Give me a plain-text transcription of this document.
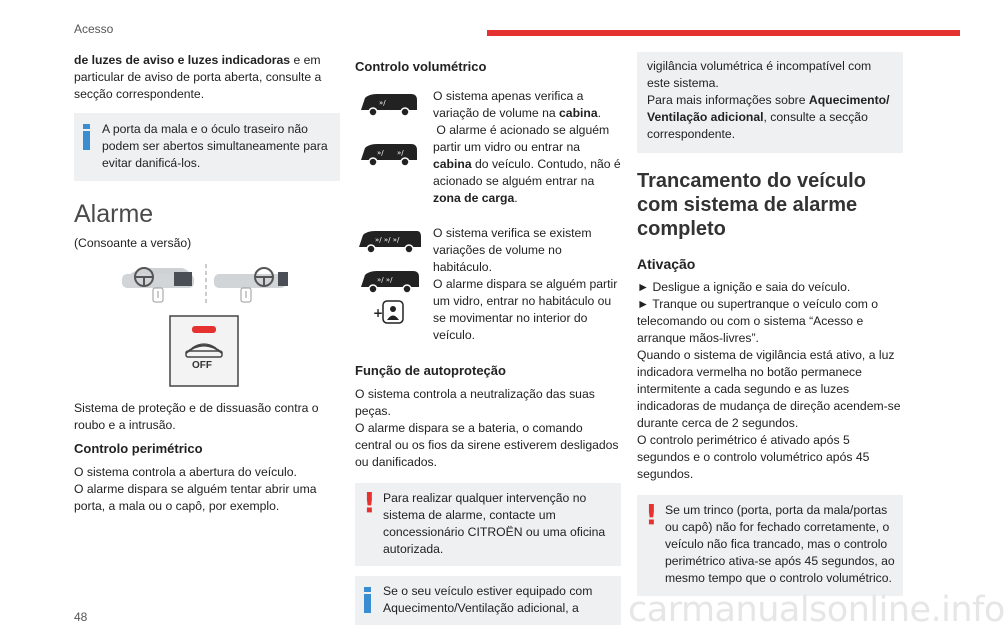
Acesso

de luzes de aviso e luzes indicadoras e em particular de aviso de porta aberta, consulte a secção correspondente.

A porta da mala e o óculo traseiro não podem ser abertos simultaneamente para evitar danificá-los.

Alarme

(Consoante a versão)

OFF

Sistema de proteção e de dissuasão contra o roubo e a intrusão.

Controlo perimétrico

O sistema controla a abertura do veículo.

O alarme dispara se alguém tentar abrir uma porta, a mala ou o capô, por exemplo.

Controlo volumétrico
»/
»/ »/

O sistema apenas verifica a variação de volume na cabina.

O alarme é acionado se alguém partir um vidro ou entrar na cabina do veículo. Contudo, não é acionado se alguém entrar na zona de carga.

»/ »/ »/
»/ »/
+

O sistema verifica se existem variações de volume no habitáculo.

O alarme dispara se alguém partir um vidro, entrar no habitáculo ou se movimentar no interior do veículo.

Função de autoproteção

O sistema controla a neutralização das suas peças.

O alarme dispara se a bateria, o comando central ou os fios da sirene estiverem desligados ou danificados.

! Para realizar qualquer intervenção no sistema de alarme, contacte um concessionário CITROËN ou uma oficina autorizada.

Se o seu veículo estiver equipado com Aquecimento/Ventilação adicional, a

vigilância volumétrica é incompatível com este sistema.

Para mais informações sobre Aquecimento/ Ventilação adicional, consulte a secção correspondente.

Trancamento do veículo com sistema de alarme completo
Ativação

► Desligue a ignição e saia do veículo.

► Tranque ou supertranque o veículo com o telecomando ou com o sistema “Acesso e arranque mãos-livres”.

Quando o sistema de vigilância está ativo, a luz indicadora vermelha no botão permanece intermitente a cada segundo e as luzes indicadoras de mudança de direção acendem-se durante cerca de 2 segundos.

O controlo perimétrico é ativado após 5 segundos e o controlo volumétrico após 45 segundos.

! Se um trinco (porta, porta da mala/portas ou capô) não for fechado corretamente, o veículo não fica trancado, mas o controlo perimétrico ativa-se após 45 segundos, ao mesmo tempo que o controlo volumétrico.

48	carmanualsonline.info
